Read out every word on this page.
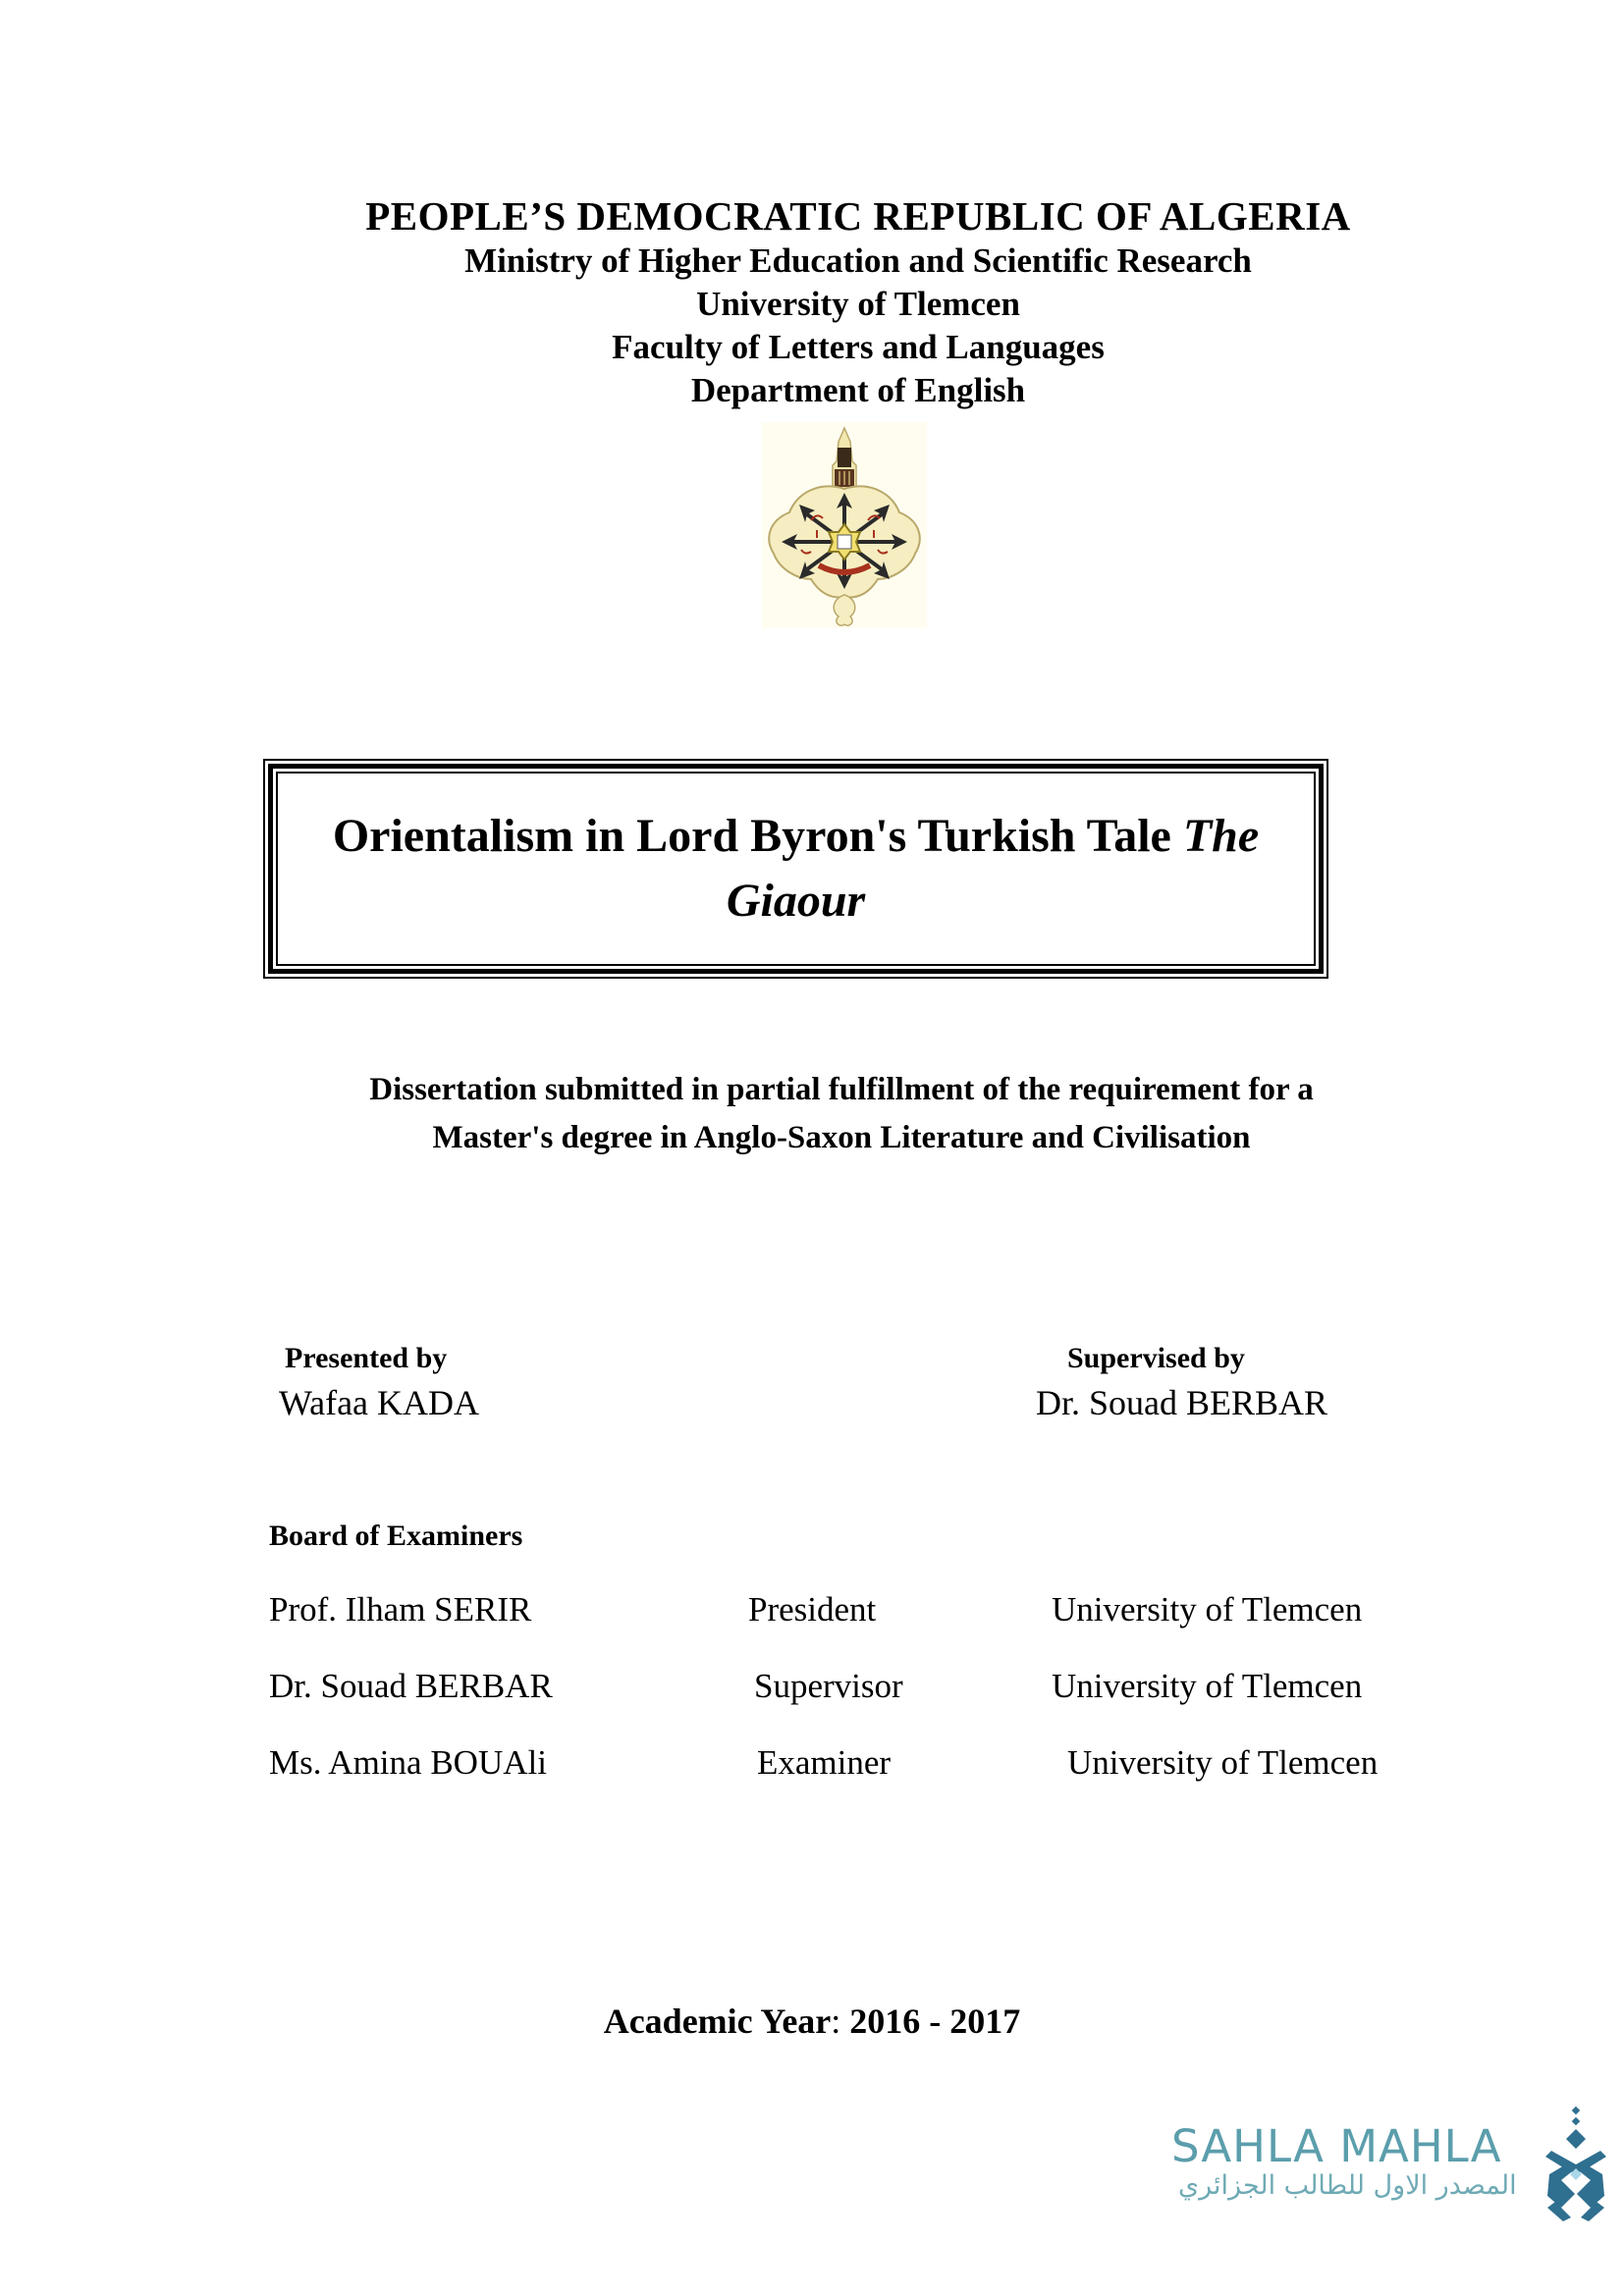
PEOPLE’S DEMOCRATIC REPUBLIC OF ALGERIA
Ministry of Higher Education and Scientific Research
University of Tlemcen
Faculty of Letters and Languages
Department of English
Orientalism in Lord Byron's Turkish Tale The Giaour
Dissertation submitted in partial fulfillment of the requirement for a
Master's degree in Anglo-Saxon Literature and Civilisation
Presented by
Wafaa KADA
Supervised by
Dr. Souad BERBAR
Board of Examiners
Prof. Ilham SERIR	President	University of Tlemcen
Dr. Souad BERBAR	Supervisor	University of Tlemcen
Ms. Amina BOUAli	Examiner	University of Tlemcen
Academic Year: 2016 - 2017
SAHLA MAHLA
المصدر الاول للطالب الجزائري
